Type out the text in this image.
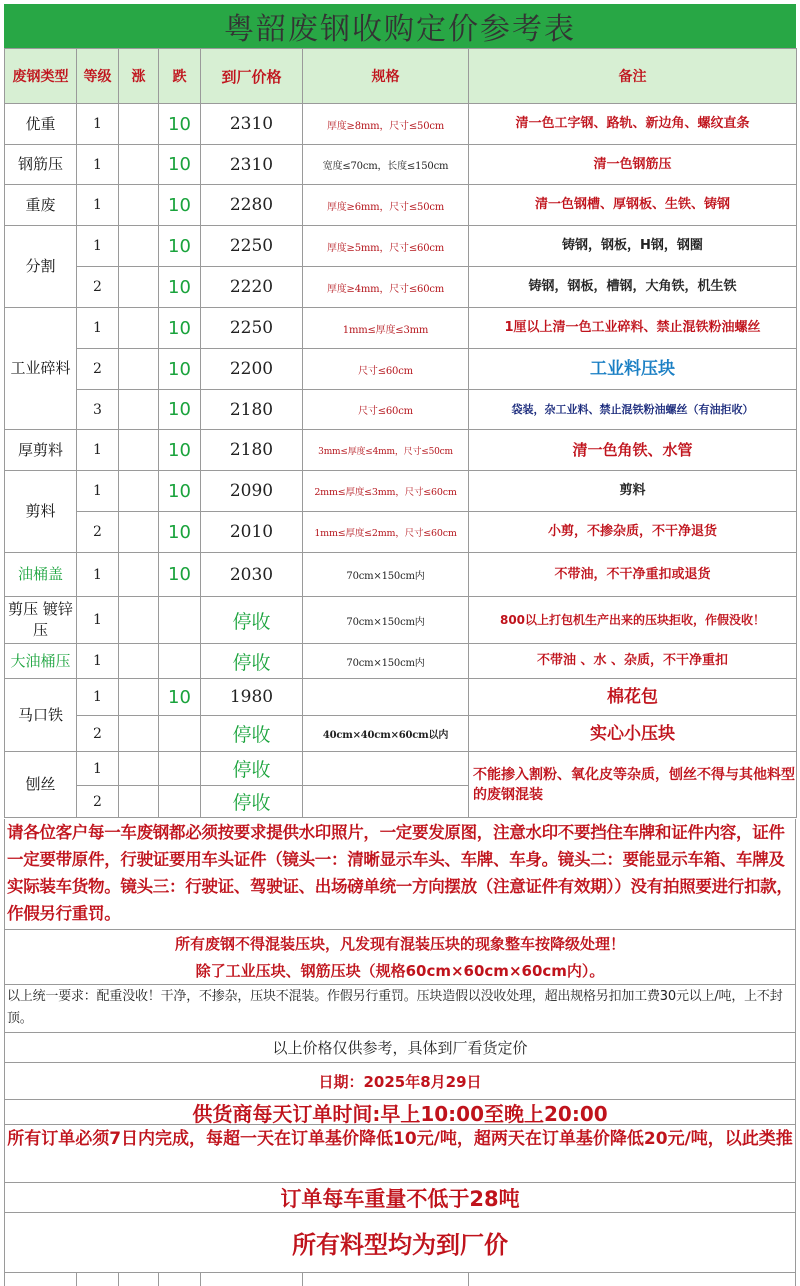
粤韶废钢收购定价参考表
废钢类型	等级	涨	跌	到厂价格	规格	备注
优重	1		10	2310	厚度≥8mm，尺寸≤50cm	清一色工字钢、路轨、新边角、螺纹直条
钢筋压	1		10	2310	宽度≤70cm，长度≤150cm	清一色钢筋压
重废	1		10	2280	厚度≥6mm，尺寸≤50cm	清一色钢槽、厚钢板、生铁、铸钢
分割	1		10	2250	厚度≥5mm，尺寸≤60cm	铸钢，钢板，H钢，钢圈
	2		10	2220	厚度≥4mm，尺寸≤60cm	铸钢，钢板，槽钢，大角铁，机生铁
工业碎料	1		10	2250	1mm≤厚度≤3mm	1厘以上清一色工业碎料、禁止混铁粉油螺丝
	2		10	2200	尺寸≤60cm	工业料压块
	3		10	2180	尺寸≤60cm	袋装，杂工业料、禁止混铁粉油螺丝（有油拒收）
厚剪料	1		10	2180	3mm≤厚度≤4mm，尺寸≤50cm	清一色角铁、水管
剪料	1		10	2090	2mm≤厚度≤3mm，尺寸≤60cm	剪料
	2		10	2010	1mm≤厚度≤2mm，尺寸≤60cm	小剪，不掺杂质，不干净退货
油桶盖	1		10	2030	70cm×150cm内	不带油，不干净重扣或退货
剪压 镀锌压	1			停收	70cm×150cm内	800以上打包机生产出来的压块拒收，作假没收！
大油桶压	1			停收	70cm×150cm内	不带油 、水 、杂质，不干净重扣
马口铁	1		10	1980		棉花包
	2			停收	40cm×40cm×60cm以内	实心小压块
刨丝	1			停收		不能掺入割粉、氧化皮等杂质，刨丝不得与其他料型的废钢混装
	2			停收		
请各位客户每一车废钢都必须按要求提供水印照片，一定要发原图，注意水印不要挡住车牌和证件内容，证件一定要带原件，行驶证要用车头证件（镜头一：清晰显示车头、车牌、车身。镜头二：要能显示车箱、车牌及实际装车货物。镜头三：行驶证、驾驶证、出场磅单统一方向摆放（注意证件有效期））没有拍照要进行扣款，作假另行重罚。
所有废钢不得混装压块，凡发现有混装压块的现象整车按降级处理！
除了工业压块、钢筋压块（规格60cm×60cm×60cm内）。
以上统一要求：配重没收！干净，不掺杂，压块不混装。作假另行重罚。压块造假以没收处理，超出规格另扣加工费30元以上/吨，上不封顶。
以上价格仅供参考，具体到厂看货定价
日期：2025年8月29日
供货商每天订单时间:早上10:00至晚上20:00
所有订单必须7日内完成，每超一天在订单基价降低10元/吨，超两天在订单基价降低20元/吨，以此类推
订单每车重量不低于28吨
所有料型均为到厂价
